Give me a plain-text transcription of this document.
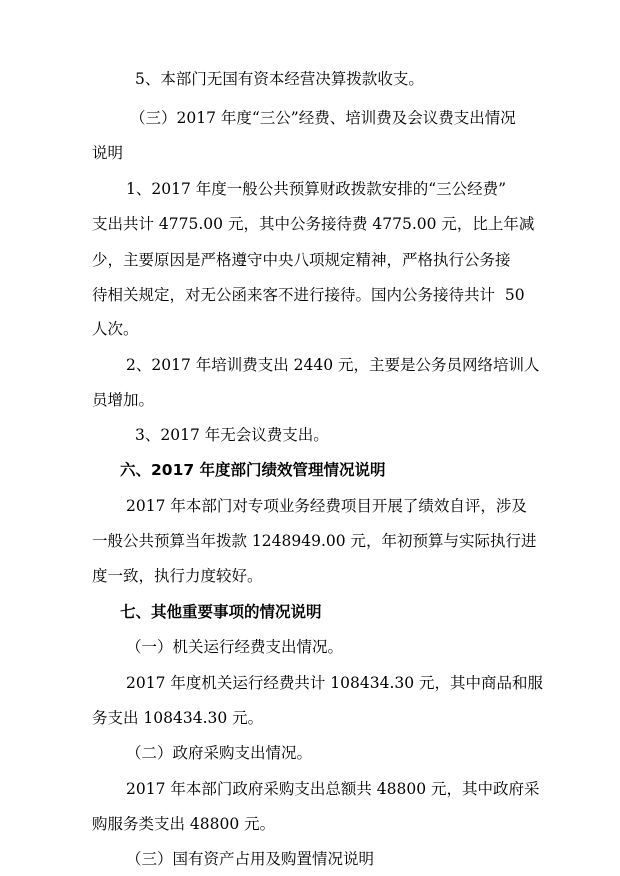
5、本部门无国有资本经营决算拨款收支。
（三）2017 年度“三公”经费、培训费及会议费支出情况
说明
1、2017 年度一般公共预算财政拨款安排的“三公经费”
支出共计 4775.00 元，其中公务接待费 4775.00 元，比上年减
少，主要原因是严格遵守中央八项规定精神，严格执行公务接
待相关规定，对无公函来客不进行接待。国内公务接待共计  50
人次。
2、2017 年培训费支出 2440 元，主要是公务员网络培训人
员增加。
3、2017 年无会议费支出。
六、2017 年度部门绩效管理情况说明
2017 年本部门对专项业务经费项目开展了绩效自评，涉及
一般公共预算当年拨款 1248949.00 元，年初预算与实际执行进
度一致，执行力度较好。
七、其他重要事项的情况说明
（一）机关运行经费支出情况。
2017 年度机关运行经费共计 108434.30 元，其中商品和服
务支出 108434.30 元。
（二）政府采购支出情况。
2017 年本部门政府采购支出总额共 48800 元，其中政府采
购服务类支出 48800 元。
（三）国有资产占用及购置情况说明
